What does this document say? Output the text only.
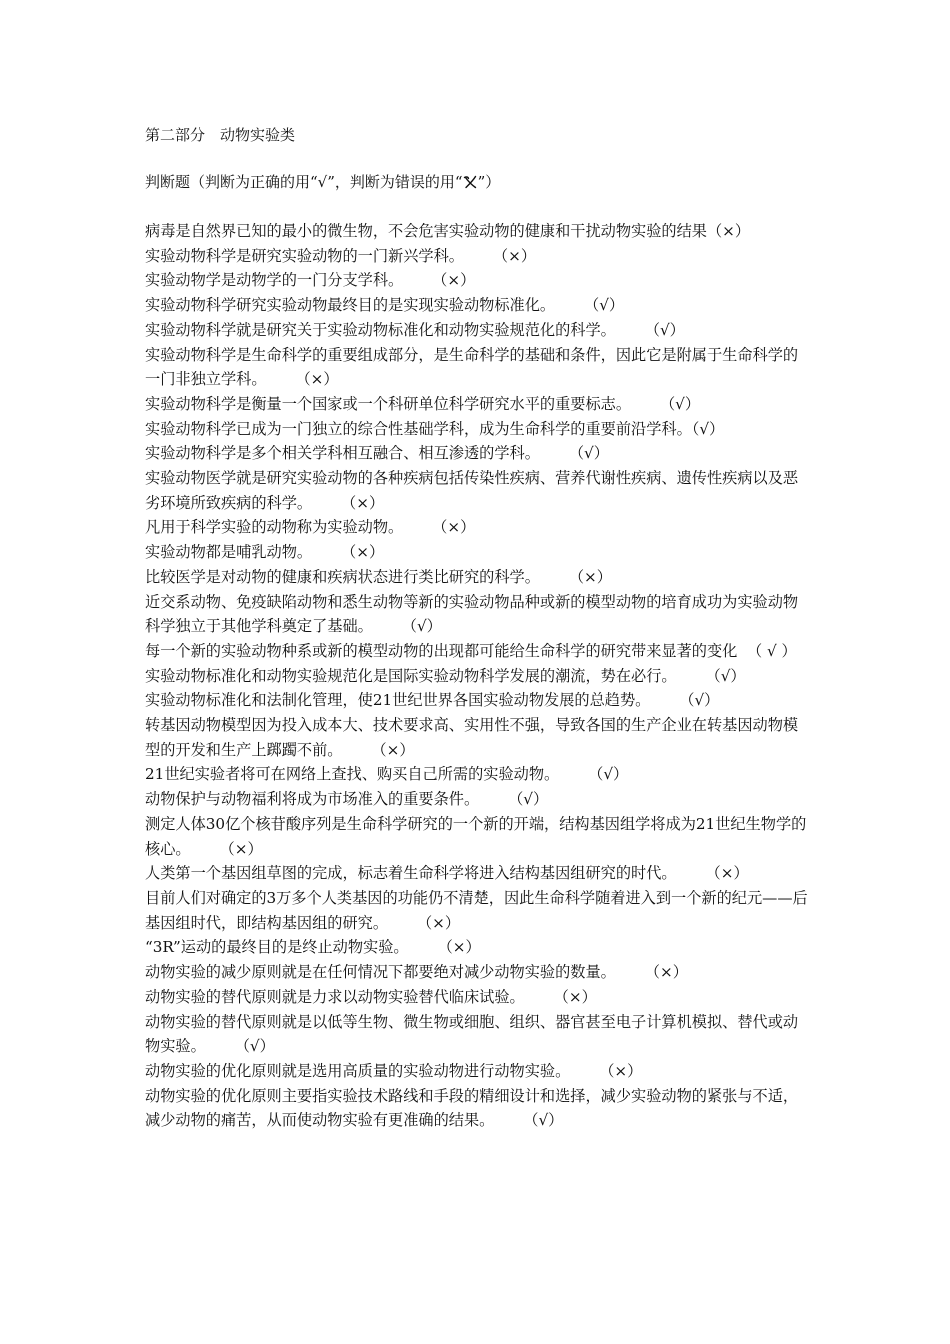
第二部分 动物实验类
判断题（判断为正确的用“√”，判断为错误的用“ ”）

病毒是自然界已知的最小的微生物，不会危害实验动物的健康和干扰动物实验的结果（×）

实验动物科学是研究实验动物的一门新兴学科。      （×）

实验动物学是动物学的一门分支学科。      （×）

实验动物科学研究实验动物最终目的是实现实验动物标准化。      （√）

实验动物科学就是研究关于实验动物标准化和动物实验规范化的科学。      （√）

实验动物科学是生命科学的重要组成部分，是生命科学的基础和条件，因此它是附属于生命科学的一门非独立学科。      （×）

实验动物科学是衡量一个国家或一个科研单位科学研究水平的重要标志。      （√）

实验动物科学已成为一门独立的综合性基础学科，成为生命科学的重要前沿学科。（√）

实验动物科学是多个相关学科相互融合、相互渗透的学科。      （√）

实验动物医学就是研究实验动物的各种疾病包括传染性疾病、营养代谢性疾病、遗传性疾病以及恶劣环境所致疾病的科学。      （×）

凡用于科学实验的动物称为实验动物。      （×）

实验动物都是哺乳动物。      （×）

比较医学是对动物的健康和疾病状态进行类比研究的科学。      （×）

近交系动物、免疫缺陷动物和悉生动物等新的实验动物品种或新的模型动物的培育成功为实验动物科学独立于其他学科奠定了基础。      （√）

每一个新的实验动物种系或新的模型动物的出现都可能给生命科学的研究带来显著的变化  （ √ ）

实验动物标准化和动物实验规范化是国际实验动物科学发展的潮流，势在必行。      （√）

实验动物标准化和法制化管理，使21世纪世界各国实验动物发展的总趋势。      （√）

转基因动物模型因为投入成本大、技术要求高、实用性不强，导致各国的生产企业在转基因动物模型的开发和生产上踯躅不前。      （×）

21世纪实验者将可在网络上查找、购买自己所需的实验动物。      （√）

动物保护与动物福利将成为市场准入的重要条件。      （√）

测定人体30亿个核苷酸序列是生命科学研究的一个新的开端，结构基因组学将成为21世纪生物学的核心。      （×）

人类第一个基因组草图的完成，标志着生命科学将进入结构基因组研究的时代。      （×）

目前人们对确定的3万多个人类基因的功能仍不清楚，因此生命科学随着进入到一个新的纪元——后基因组时代，即结构基因组的研究。      （×）

“3R”运动的最终目的是终止动物实验。      （×）

动物实验的减少原则就是在任何情况下都要绝对减少动物实验的数量。      （×）

动物实验的替代原则就是力求以动物实验替代临床试验。      （×）

动物实验的替代原则就是以低等生物、微生物或细胞、组织、器官甚至电子计算机模拟、替代或动物实验。      （√）

动物实验的优化原则就是选用高质量的实验动物进行动物实验。      （×）

动物实验的优化原则主要指实验技术路线和手段的精细设计和选择，减少实验动物的紧张与不适，减少动物的痛苦，从而使动物实验有更准确的结果。      （√）
